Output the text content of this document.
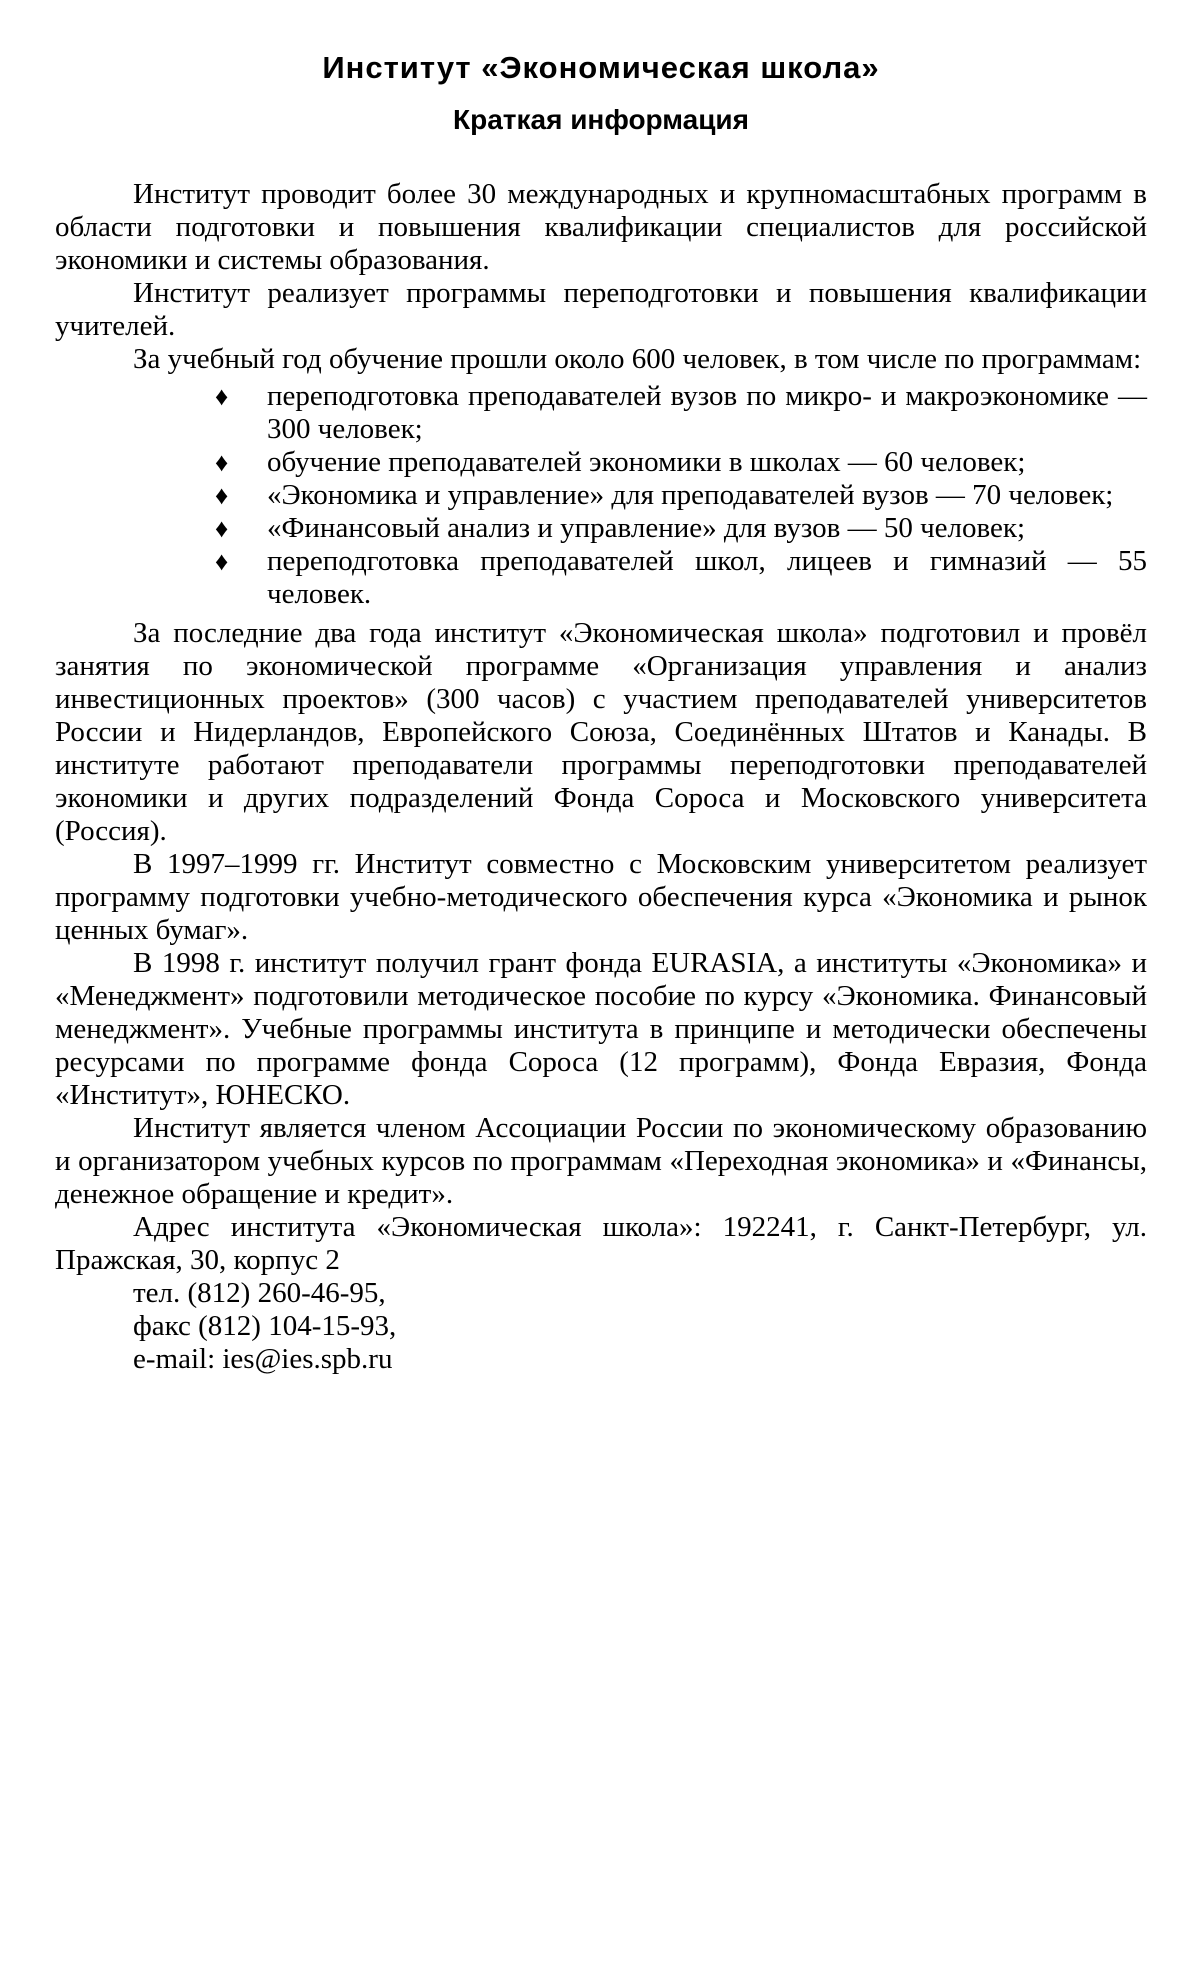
Институт «Экономическая школа»
Краткая информация

Институт проводит более 30 международных и крупномасштабных программ в области подготовки и повышения квалификации специалистов для российской экономики и системы образования.

Институт реализует программы переподготовки и повышения квалификации учителей.

За учебный год обучение прошли около 600 человек, в том числе по программам:

♦ переподготовка преподавателей вузов по микро- и макроэкономике — 300 человек;
♦ обучение преподавателей экономики в школах — 60 человек;
♦ «Экономика и управление» для преподавателей вузов — 70 человек;
♦ «Финансовый анализ и управление» для вузов — 50 человек;
♦ переподготовка преподавателей школ, лицеев и гимназий — 55 человек.

За последние два года институт «Экономическая школа» подготовил и провёл занятия по экономической программе «Организация управления и анализ инвестиционных проектов» (300 часов) с участием преподавателей университетов России и Нидерландов, Европейского Союза, Соединённых Штатов и Канады. В институте работают преподаватели программы переподготовки преподавателей экономики и других подразделений Фонда Сороса и Московского университета (Россия).

В 1997–1999 гг. Институт совместно с Московским университетом реализует программу подготовки учебно-методического обеспечения курса «Экономика и рынок ценных бумаг».

В 1998 г. институт получил грант фонда EURASIA, а институты «Экономика» и «Менеджмент» подготовили методическое пособие по курсу «Экономика. Финансовый менеджмент». Учебные программы института в принципе и методически обеспечены ресурсами по программе фонда Сороса (12 программ), Фонда Евразия, Фонда «Институт», ЮНЕСКО.

Институт является членом Ассоциации России по экономическому образованию и организатором учебных курсов по программам «Переходная экономика» и «Финансы, денежное обращение и кредит».

Адрес института «Экономическая школа»: 192241, г. Санкт-Петербург, ул. Пражская, 30, корпус 2

тел. (812) 260-46-95,

факс (812) 104-15-93,

e-mail: ies@ies.spb.ru
